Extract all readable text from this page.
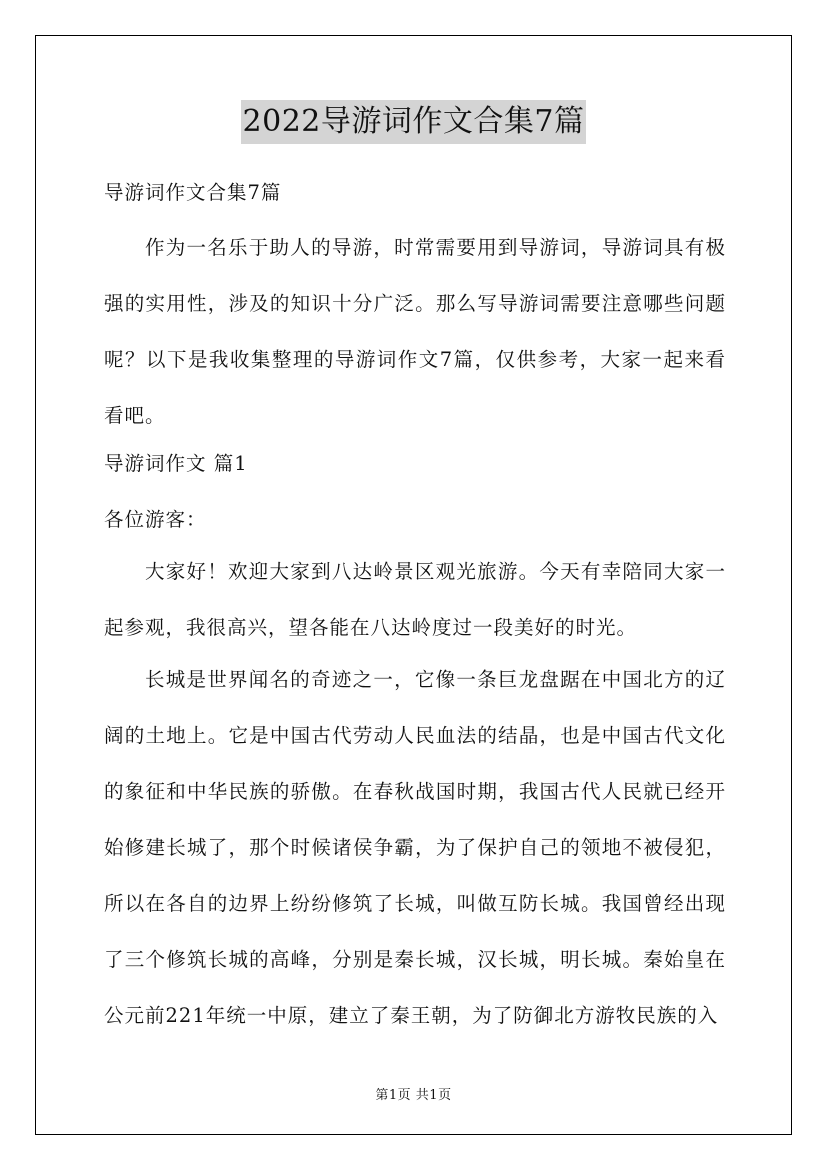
2022导游词作文合集7篇

导游词作文合集7篇

作为一名乐于助人的导游，时常需要用到导游词，导游词具有极强的实用性，涉及的知识十分广泛。那么写导游词需要注意哪些问题呢？以下是我收集整理的导游词作文7篇，仅供参考，大家一起来看看吧。

导游词作文 篇1

各位游客：

大家好！欢迎大家到八达岭景区观光旅游。今天有幸陪同大家一起参观，我很高兴，望各能在八达岭度过一段美好的时光。

长城是世界闻名的奇迹之一，它像一条巨龙盘踞在中国北方的辽阔的土地上。它是中国古代劳动人民血法的结晶，也是中国古代文化的象征和中华民族的骄傲。在春秋战国时期，我国古代人民就已经开始修建长城了，那个时候诸侯争霸，为了保护自己的领地不被侵犯，所以在各自的边界上纷纷修筑了长城，叫做互防长城。我国曾经出现了三个修筑长城的高峰，分别是秦长城，汉长城，明长城。秦始皇在公元前221年统一中原，建立了秦王朝，为了防御北方游牧民族的入

第1页 共1页
